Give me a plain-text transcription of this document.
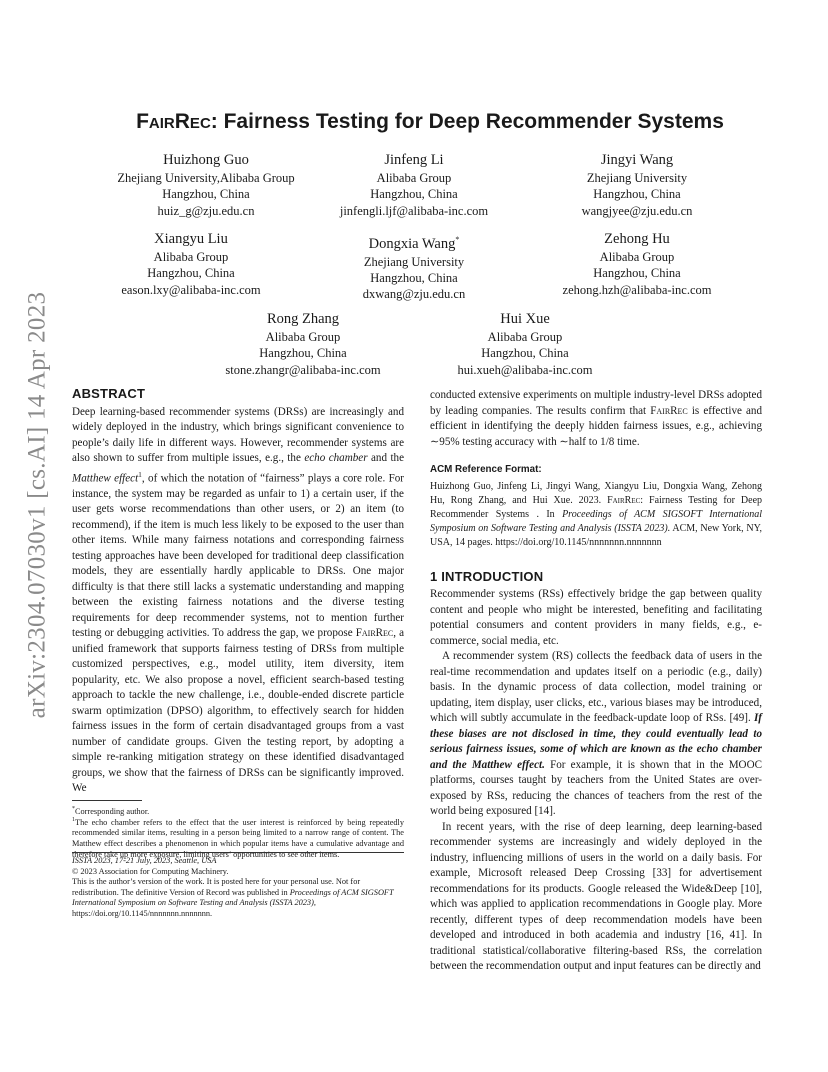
arXiv:2304.07030v1 [cs.AI] 14 Apr 2023
FairRec: Fairness Testing for Deep Recommender Systems
Huizhong Guo
Zhejiang University,Alibaba Group
Hangzhou, China
huiz_g@zju.edu.cn
Jinfeng Li
Alibaba Group
Hangzhou, China
jinfengli.ljf@alibaba-inc.com
Jingyi Wang
Zhejiang University
Hangzhou, China
wangjyee@zju.edu.cn
Xiangyu Liu
Alibaba Group
Hangzhou, China
eason.lxy@alibaba-inc.com
Dongxia Wang*
Zhejiang University
Hangzhou, China
dxwang@zju.edu.cn
Zehong Hu
Alibaba Group
Hangzhou, China
zehong.hzh@alibaba-inc.com
Rong Zhang
Alibaba Group
Hangzhou, China
stone.zhangr@alibaba-inc.com
Hui Xue
Alibaba Group
Hangzhou, China
hui.xueh@alibaba-inc.com
ABSTRACT

Deep learning-based recommender systems (DRSs) are increasingly and widely deployed in the industry, which brings significant convenience to people’s daily life in different ways. However, recommender systems are also shown to suffer from multiple issues, e.g., the echo chamber and the Matthew effect$^1$, of which the notation of “fairness” plays a core role. For instance, the system may be regarded as unfair to 1) a certain user, if the user gets worse recommendations than other users, or 2) an item (to recommend), if the item is much less likely to be exposed to the user than other items. While many fairness notations and corresponding fairness testing approaches have been developed for traditional deep classification models, they are essentially hardly applicable to DRSs. One major difficulty is that there still lacks a systematic understanding and mapping between the existing fairness notations and the diverse testing requirements for deep recommender systems, not to mention further testing or debugging activities. To address the gap, we propose FairRec, a unified framework that supports fairness testing of DRSs from multiple customized perspectives, e.g., model utility, item diversity, item popularity, etc. We also propose a novel, efficient search-based testing approach to tackle the new challenge, i.e., double-ended discrete particle swarm optimization (DPSO) algorithm, to effectively search for hidden fairness issues in the form of certain disadvantaged groups from a vast number of candidate groups. Given the testing report, by adopting a simple re-ranking mitigation strategy on these identified disadvantaged groups, we show that the fairness of DRSs can be significantly improved. We

*Corresponding author.
$^1$The echo chamber refers to the effect that the user interest is reinforced by being repeatedly recommended similar items, resulting in a person being limited to a narrow range of content. The Matthew effect describes a phenomenon in which popular items have a cumulative advantage and therefore take up more exposure, limiting users’ opportunities to see other items.
ISSTA 2023, 17-21 July, 2023, Seattle, USA
© 2023 Association for Computing Machinery.
This is the author’s version of the work. It is posted here for your personal use. Not for redistribution. The definitive Version of Record was published in Proceedings of ACM SIGSOFT International Symposium on Software Testing and Analysis (ISSTA 2023), https://doi.org/10.1145/nnnnnnn.nnnnnnn.

conducted extensive experiments on multiple industry-level DRSs adopted by leading companies. The results confirm that FairRec is effective and efficient in identifying the deeply hidden fairness issues, e.g., achieving ∼95% testing accuracy with ∼half to 1/8 time.

ACM Reference Format:
Huizhong Guo, Jinfeng Li, Jingyi Wang, Xiangyu Liu, Dongxia Wang, Zehong Hu, Rong Zhang, and Hui Xue. 2023. FairRec: Fairness Testing for Deep Recommender Systems . In Proceedings of ACM SIGSOFT International Symposium on Software Testing and Analysis (ISSTA 2023). ACM, New York, NY, USA, 14 pages. https://doi.org/10.1145/nnnnnnn.nnnnnnn
1 INTRODUCTION

Recommender systems (RSs) effectively bridge the gap between quality content and people who might be interested, benefiting and facilitating potential consumers and content providers in many fields, e.g., e-commerce, social media, etc.

A recommender system (RS) collects the feedback data of users in the real-time recommendation and updates itself on a periodic (e.g., daily) basis. In the dynamic process of data collection, model training or updating, item display, user clicks, etc., various biases may be introduced, which will subtly accumulate in the feedback-update loop of RSs. [49]. If these biases are not disclosed in time, they could eventually lead to serious fairness issues, some of which are known as the echo chamber and the Matthew effect. For example, it is shown that in the MOOC platforms, courses taught by teachers from the United States are over-exposed by RSs, reducing the chances of teachers from the rest of the world being exposured [14].

In recent years, with the rise of deep learning, deep learning-based recommender systems are increasingly and widely deployed in the industry, influencing millions of users in the world on a daily basis. For example, Microsoft released Deep Crossing [33] for advertisement recommendations for its products. Google released the Wide&Deep [10], which was applied to application recommendations in Google play. More recently, different types of deep recommendation models have been developed and introduced in both academia and industry [16, 41]. In traditional statistical/collaborative filtering-based RSs, the correlation between the recommendation output and input features can be directly and
